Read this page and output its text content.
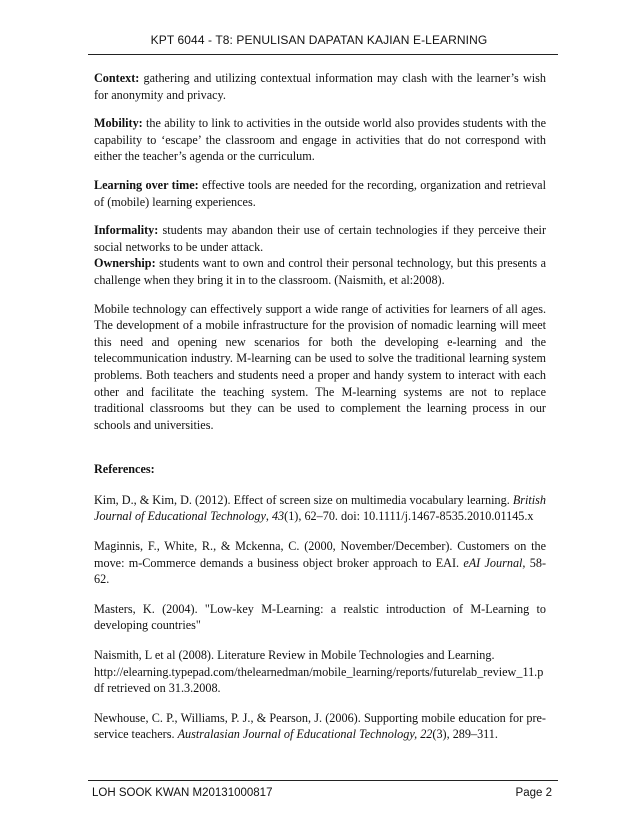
KPT 6044 - T8: PENULISAN DAPATAN KAJIAN E-LEARNING

Context: gathering and utilizing contextual information may clash with the learner’s wish for anonymity and privacy.

Mobility: the ability to link to activities in the outside world also provides students with the capability to ‘escape’ the classroom and engage in activities that do not correspond with either the teacher’s agenda or the curriculum.

Learning over time: effective tools are needed for the recording, organization and retrieval of (mobile) learning experiences.

Informality: students may abandon their use of certain technologies if they perceive their social networks to be under attack.

Ownership: students want to own and control their personal technology, but this presents a challenge when they bring it in to the classroom. (Naismith, et al:2008).

Mobile technology can effectively support a wide range of activities for learners of all ages. The development of a mobile infrastructure for the provision of nomadic learning will meet this need and opening new scenarios for both the developing e-learning and the telecommunication industry. M-learning can be used to solve the traditional learning system problems. Both teachers and students need a proper and handy system to interact with each other and facilitate the teaching system. The M-learning systems are not to replace traditional classrooms but they can be used to complement the learning process in our schools and universities.

References:

Kim, D., & Kim, D. (2012). Effect of screen size on multimedia vocabulary learning. British Journal of Educational Technology, 43(1), 62–70. doi: 10.1111/j.1467-8535.2010.01145.x

Maginnis, F., White, R., & Mckenna, C. (2000, November/December). Customers on the move: m-Commerce demands a business object broker approach to EAI. eAI Journal, 58-62.

Masters, K. (2004). "Low-key M-Learning: a realstic introduction of M-Learning to developing countries"

Naismith, L et al (2008). Literature Review in Mobile Technologies and Learning.
http://elearning.typepad.com/thelearnedman/mobile_learning/reports/futurelab_review_11.pdf retrieved on 31.3.2008.

Newhouse, C. P., Williams, P. J., & Pearson, J. (2006). Supporting mobile education for pre-service teachers. Australasian Journal of Educational Technology, 22(3), 289–311.

LOH SOOK KWAN M20131000817	Page 2
